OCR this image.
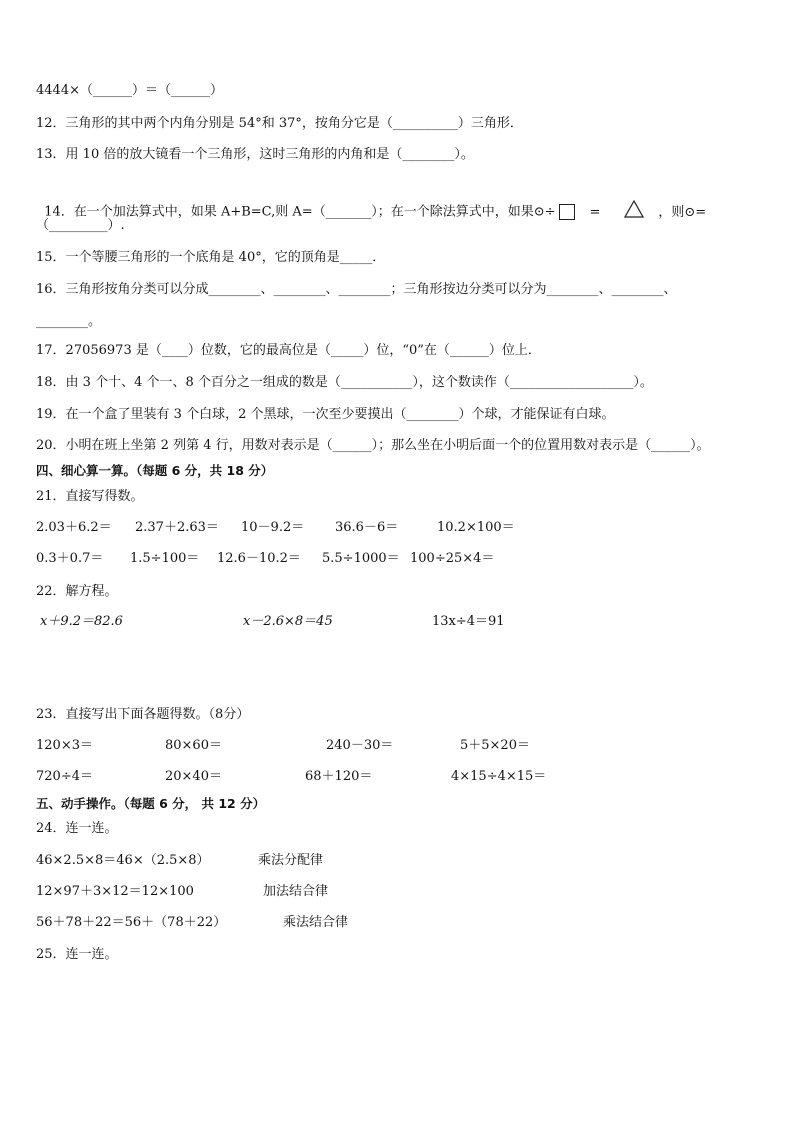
4444×（______）＝（______）
12．三角形的其中两个内角分别是 54°和 37°，按角分它是（__________）三角形．
13．用 10 倍的放大镜看一个三角形，这时三角形的内角和是（________）。

14．在一个加法算式中，如果 A+B=C,则 A=（_______）；在一个除法算式中，如果⊙÷	=	，则⊙=

（_________）.
15．一个等腰三角形的一个底角是 40°，它的顶角是_____．
16．三角形按角分类可以分成________、________、________；三角形按边分类可以分为________、________、
________。
17．27056973 是（____）位数，它的最高位是（_____）位，“0”在（______）位上．
18．由 3 个十、4 个一、8 个百分之一组成的数是（___________），这个数读作（___________________）。
19．在一个盒了里装有 3 个白球，2 个黑球，一次至少要摸出（________）个球，才能保证有白球。
20．小明在班上坐第 2 列第 4 行，用数对表示是（______）；那么坐在小明后面一个的位置用数对表示是（______）。
四、细心算一算。（每题 6 分，共 18 分）
21．直接写得数。
2.03＋6.2＝ 2.37＋2.63＝ 10－9.2＝ 36.6－6＝	10.2×100＝
0.3＋0.7＝ 1.5÷100＝ 12.6－10.2＝ 5.5÷1000＝ 100÷25×4＝
22．解方程。
x＋9.2＝82.6	x－2.6×8＝45	13x÷4＝91
23．直接写出下面各题得数。（8分）
120×3＝	80×60＝	240－30＝	5＋5×20＝
720÷4＝	20×40＝	68＋120＝	4×15÷4×15＝
五、动手操作。（每题 6 分， 共 12 分）
24．连一连。
46×2.5×8＝46×（2.5×8）	乘法分配律
12×97＋3×12＝12×100	加法结合律
56＋78＋22＝56＋（78＋22）	乘法结合律
25．连一连。
